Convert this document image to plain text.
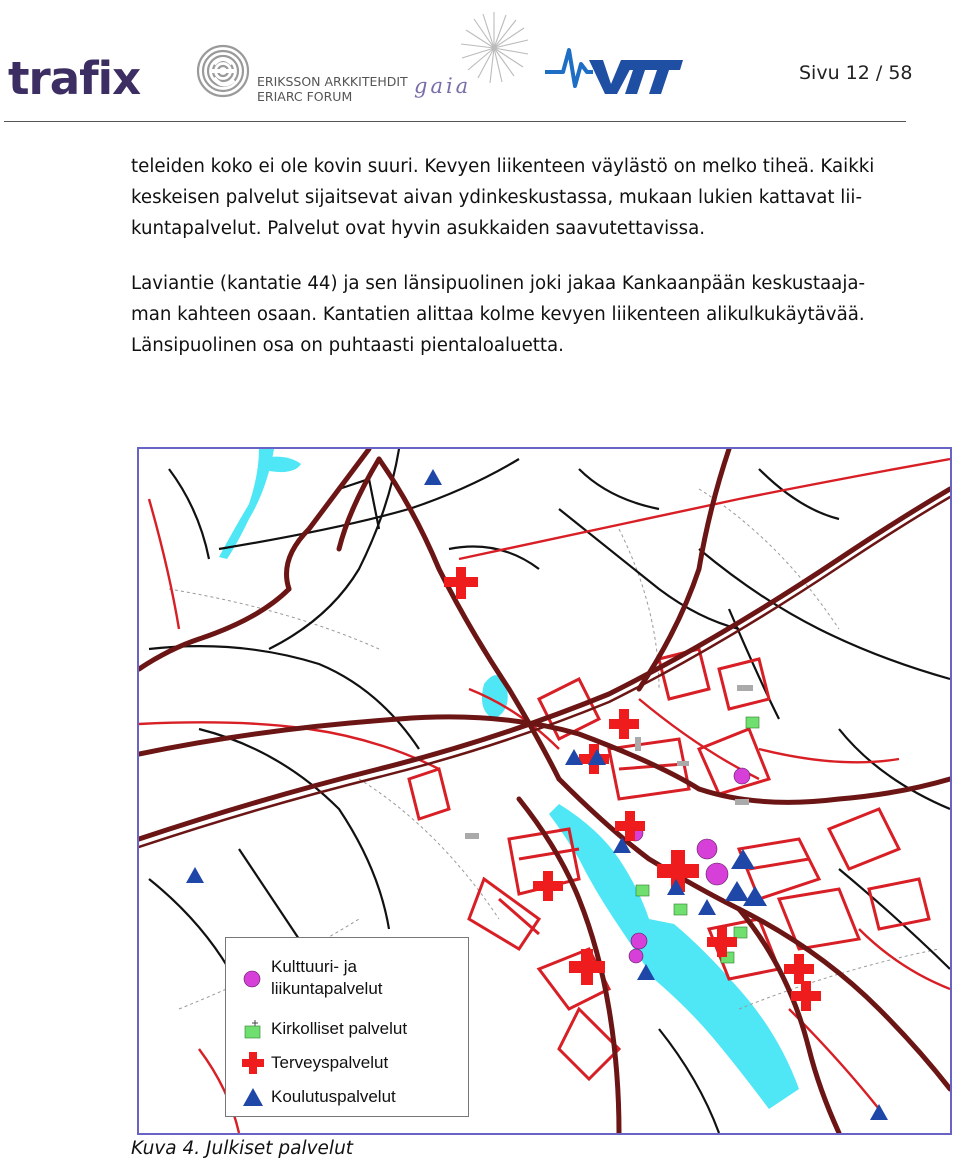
trafix	ERIKSSON ARKKITEHDIT
ERIARC FORUM	gaia
Sivu 12 / 58

teleiden koko ei ole kovin suuri. Kevyen liikenteen väylästö on melko tiheä. Kaikki

keskeisen palvelut sijaitsevat aivan ydinkeskustassa, mukaan lukien kattavat lii-

kuntapalvelut. Palvelut ovat hyvin asukkaiden saavutettavissa.

Laviantie (kantatie 44) ja sen länsipuolinen joki jakaa Kankaanpään keskustaaja-

man kahteen osaan. Kantatien alittaa kolme kevyen liikenteen alikulkukäytävää.

Länsipuolinen osa on puhtaasti pientaloaluetta.

Kulttuuri- ja
liikuntapalvelut
Kirkolliset palvelut
Terveyspalvelut
Koulutuspalvelut
Kuva 4. Julkiset palvelut
